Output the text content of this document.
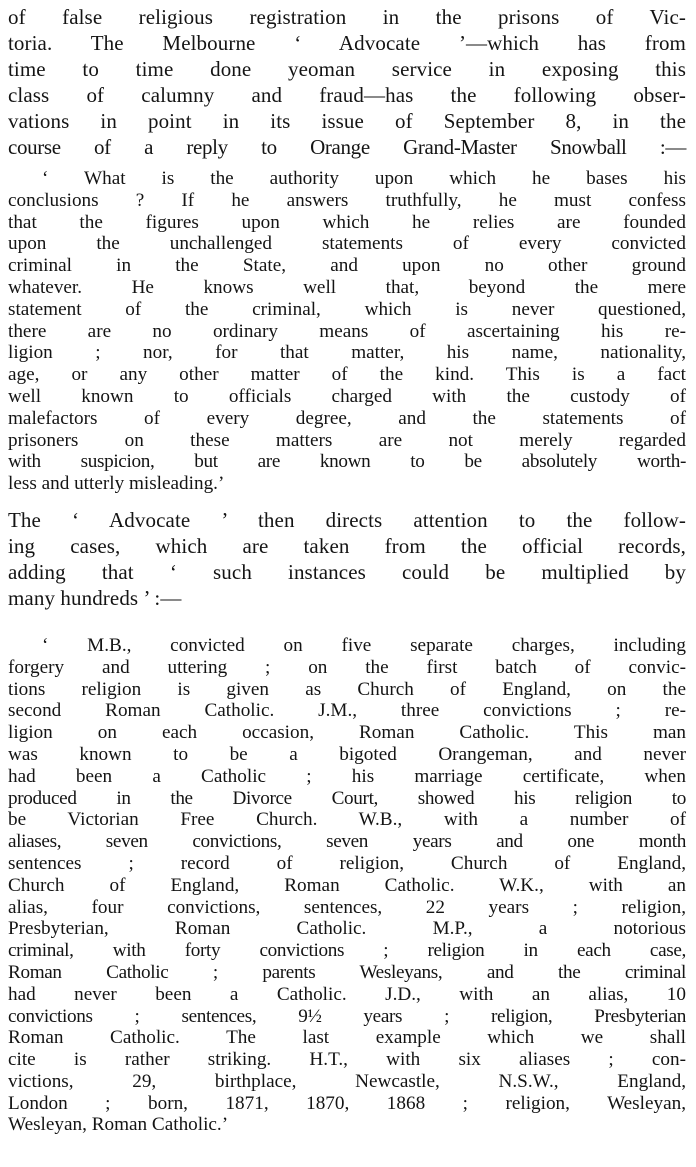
of false religious registration in the prisons of Vic-
toria. The Melbourne ‘ Advocate ’—which has from
time to time done yeoman service in exposing this
class of calumny and fraud—has the following obser-
vations in point in its issue of September 8, in the
course of a reply to Orange Grand-Master Snowball :—
‘ What is the authority upon which he bases his
conclusions ? If he answers truthfully, he must confess
that the figures upon which he relies are founded
upon the unchallenged statements of every convicted
criminal in the State, and upon no other ground
whatever. He knows well that, beyond the mere
statement of the criminal, which is never questioned,
there are no ordinary means of ascertaining his re-
ligion ; nor, for that matter, his name, nationality,
age, or any other matter of the kind. This is a fact
well known to officials charged with the custody of
malefactors of every degree, and the statements of
prisoners on these matters are not merely regarded
with suspicion, but are known to be absolutely worth-
less and utterly misleading.’
The ‘ Advocate ’ then directs attention to the follow-
ing cases, which are taken from the official records,
adding that ‘ such instances could be multiplied by
many hundreds ’ :—
‘ M.B., convicted on five separate charges, including
forgery and uttering ; on the first batch of convic-
tions religion is given as Church of England, on the
second Roman Catholic. J.M., three convictions ; re-
ligion on each occasion, Roman Catholic. This man
was known to be a bigoted Orangeman, and never
had been a Catholic ; his marriage certificate, when
produced in the Divorce Court, showed his religion to
be Victorian Free Church. W.B., with a number of
aliases, seven convictions, seven years and one month
sentences ; record of religion, Church of England,
Church of England, Roman Catholic. W.K., with an
alias, four convictions, sentences, 22 years ; religion,
Presbyterian, Roman Catholic. M.P., a notorious
criminal, with forty convictions ; religion in each case,
Roman Catholic ; parents Wesleyans, and the criminal
had never been a Catholic. J.D., with an alias, 10
convictions ; sentences, 9½ years ; religion, Presbyterian
Roman Catholic. The last example which we shall
cite is rather striking. H.T., with six aliases ; con-
victions, 29, birthplace, Newcastle, N.S.W., England,
London ; born, 1871, 1870, 1868 ; religion, Wesleyan,
Wesleyan, Roman Catholic.’
